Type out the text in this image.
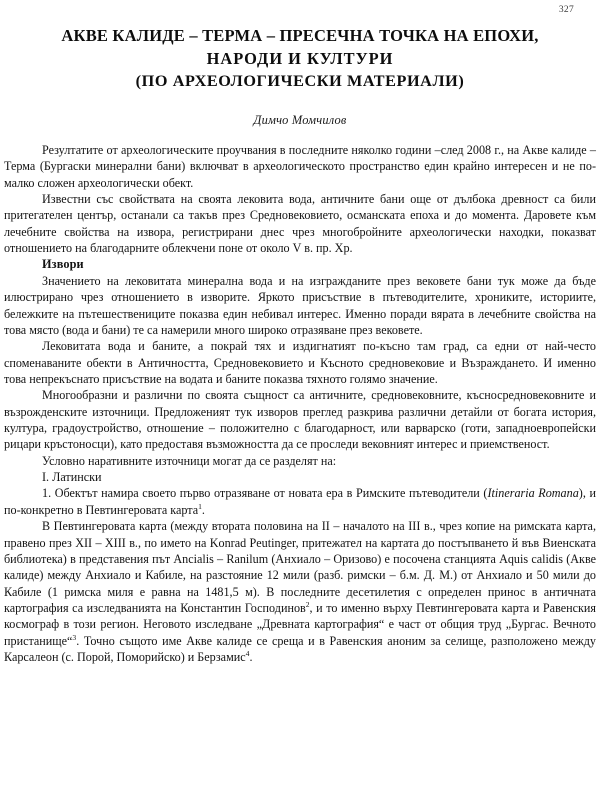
327
АКВЕ КАЛИДЕ – ТЕРМА – ПРЕСЕЧНА ТОЧКА НА ЕПОХИ,
НАРОДИ И КУЛТУРИ
(ПО АРХЕОЛОГИЧЕСКИ МАТЕРИАЛИ)
Димчо Момчилов

Резултатите от археологическите проучвания в последните няколко години –след 2008 г., на Акве калиде – Терма (Бургаски минерални бани) включват в археологическото пространство един крайно интересен и не по-малко сложен археологически обект.

Известни със свойствата на своята лековита вода, античните бани още от дълбока древност са били притегателен център, останали са такъв през Средновековието, османската епоха и до момента. Даровете към лечебните свойства на извора, регистрирани днес чрез многобройните археологически находки, показват отношението на благодарните облекчени поне от около V в. пр. Хр.

Извори

Значението на лековитата минерална вода и на изгражданите през вековете бани тук може да бъде илюстрирано чрез отношението в изворите. Яркото присъствие в пътеводителите, хрониките, историите, бележките на пътешествениците показва един небивал интерес. Именно поради вярата в лечебните свойства на това място (вода и бани) те са намерили много широко отразяване през вековете.

Лековитата вода и баните, а покрай тях и издигнатият по-късно там град, са едни от най-често споменаваните обекти в Античността, Средновековието и Късното средновековие и Възраждането. И именно това непрекъснато присъствие на водата и баните показва тяхното голямо значение.

Многообразни и различни по своята същност са античните, средновековните, късносредновековните и възрожденските източници. Предложеният тук изворов преглед разкрива различни детайли от богата история, култура, градоустройство, отношение – положително с благодарност, или варварско (готи, западноевропейски рицари кръстоносци), като предоставя възможността да се проследи вековният интерес и приемственост.

Условно наративните източници могат да се разделят на:

I. Латински

1. Обектът намира своето първо отразяване от новата ера в Римските пътеводители (Itineraria Romana), и по-конкретно в Певтингеровата карта$^1$.

В Певтингеровата карта (между втората половина на II – началото на III в., чрез копие на римската карта, правено през XII – XIII в., по името на Konrad Peutinger, притежател на картата до постъпването й във Виенската библиотека) в представения път Ancialis – Ranilum (Анхиало – Оризово) е посочена станцията Aquis calidis (Акве калиде) между Анхиало и Кабиле, на разстояние 12 мили (разб. римски – б.м. Д. М.) от Анхиало и 50 мили до Кабиле (1 римска миля е равна на 1481,5 м). В последните десетилетия с определен принос в античната картография са изследванията на Константин Господинов$^2$, и то именно върху Певтингеровата карта и Равенския космограф в този регион. Неговото изследване „Древната картография“ е част от общия труд „Бургас. Вечното пристанище“$^3$. Точно същото име Акве калиде се среща и в Равенския аноним за селище, разположено между Карсалеон (с. Порой, Поморийско) и Берзамис$^4$.
